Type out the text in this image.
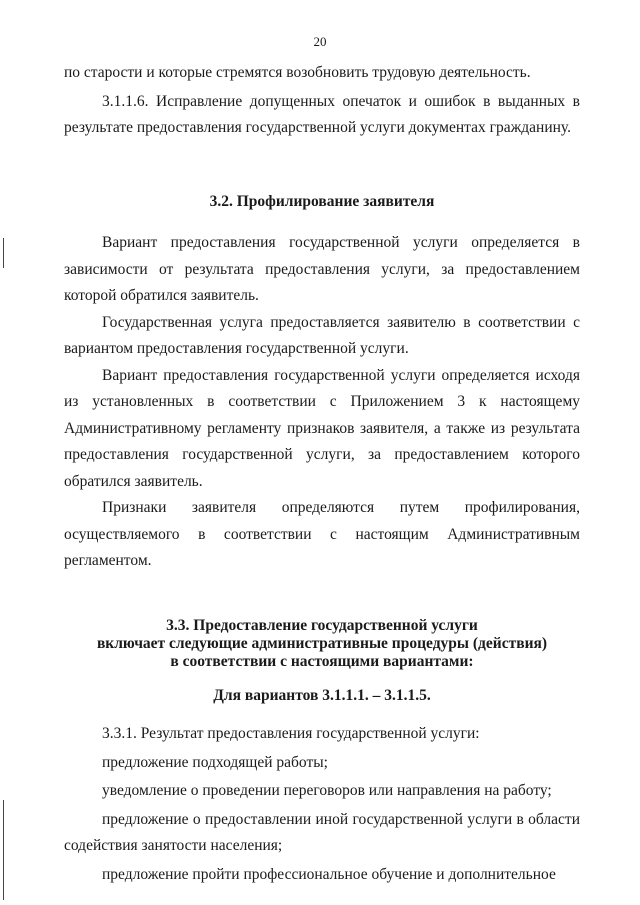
20

по старости и которые стремятся возобновить трудовую деятельность.

3.1.1.6. Исправление допущенных опечаток и ошибок в выданных в результате предоставления государственной услуги документах гражданину.

3.2. Профилирование заявителя

Вариант предоставления государственной услуги определяется в зависимости от результата предоставления услуги, за предоставлением которой обратился заявитель.

Государственная услуга предоставляется заявителю в соответствии с вариантом предоставления государственной услуги.

Вариант предоставления государственной услуги определяется исходя из установленных в соответствии с Приложением 3 к настоящему Административному регламенту признаков заявителя, а также из результата предоставления государственной услуги, за предоставлением которого обратился заявитель.

Признаки заявителя определяются путем профилирования, осуществляемого в соответствии с настоящим Административным регламентом.

3.3. Предоставление государственной услуги
включает следующие административные процедуры (действия)
в соответствии с настоящими вариантами:

Для вариантов 3.1.1.1. – 3.1.1.5.

3.3.1. Результат предоставления государственной услуги:

предложение подходящей работы;

уведомление о проведении переговоров или направления на работу;

предложение о предоставлении иной государственной услуги в области содействия занятости населения;

предложение пройти профессиональное обучение и дополнительное
